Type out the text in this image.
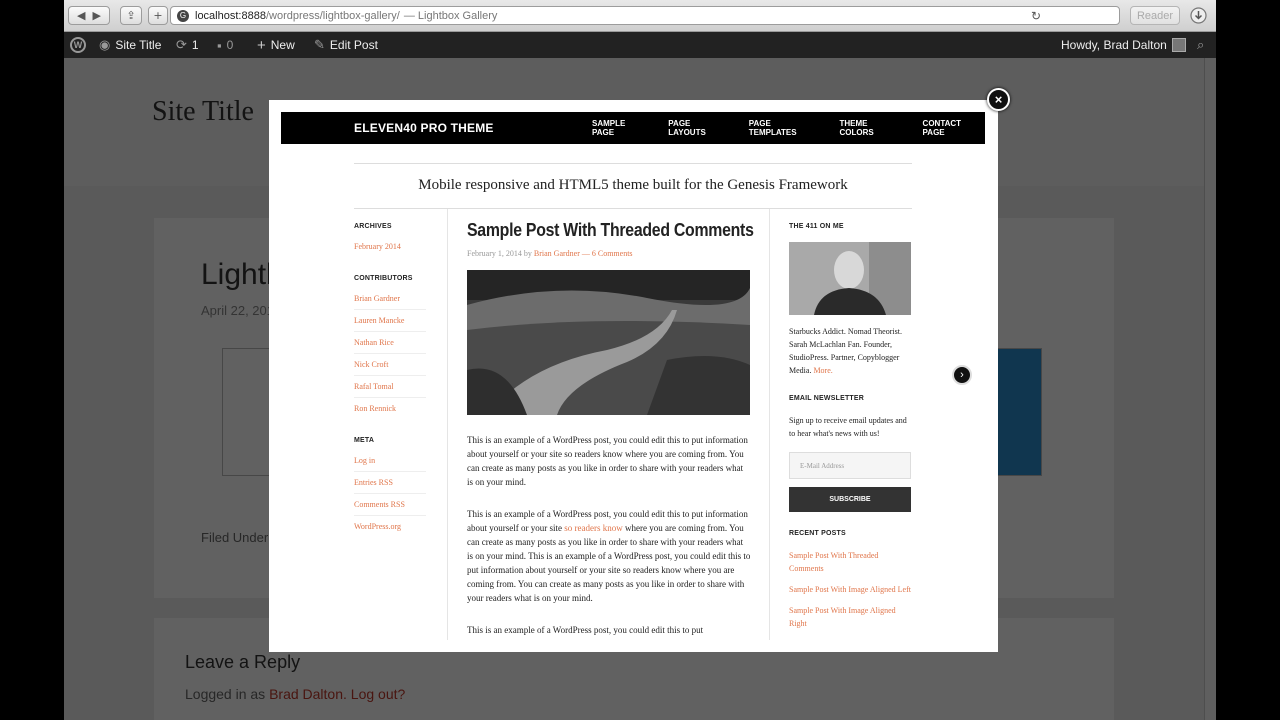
◀
▶ ⇪ +	G localhost:8888 /wordpress/lightbox-gallery/ — Lightbox Gallery	↻	Reader
W ◉ Site Title ⟳ 1 ▪ 0 + New ✎ Edit Post	Howdy, Brad Dalton ⌕
ELEVEN40 PRO THEME	SAMPLE PAGE
PAGE LAYOUTS
PAGE TEMPLATES
THEME COLORS
CONTACT PAGE
Mobile responsive and HTML5 theme built for the Genesis Framework
ARCHIVES
February 2014
CONTRIBUTORS
Brian Gardner
Lauren Mancke
Nathan Rice
Nick Croft
Rafal Tomal
Ron Rennick
META
Log in
Entries RSS
Comments RSS
WordPress.org
Sample Post With Threaded Comments
February 1, 2014 by Brian Gardner — 6 Comments
This is an example of a WordPress post, you could edit this to put information about yourself or your site so readers know where you are coming from. You can create as many posts as you like in order to share with your readers what is on your mind.
This is an example of a WordPress post, you could edit this to put information about yourself or your site so readers know where you are coming from. You can create as many posts as you like in order to share with your readers what is on your mind. This is an example of a WordPress post, you could edit this to put information about yourself or your site so readers know where you are coming from. You can create as many posts as you like in order to share with your readers what is on your mind.
This is an example of a WordPress post, you could edit this to put
THE 411 ON ME
Starbucks Addict. Nomad Theorist. Sarah McLachlan Fan. Founder, StudioPress. Partner, Copyblogger Media. More.
EMAIL NEWSLETTER
Sign up to receive email updates and to hear what's news with us!
E-Mail Address
SUBSCRIBE
RECENT POSTS
Sample Post With Threaded Comments
Sample Post With Image Aligned Left
Sample Post With Image Aligned Right
×
›
